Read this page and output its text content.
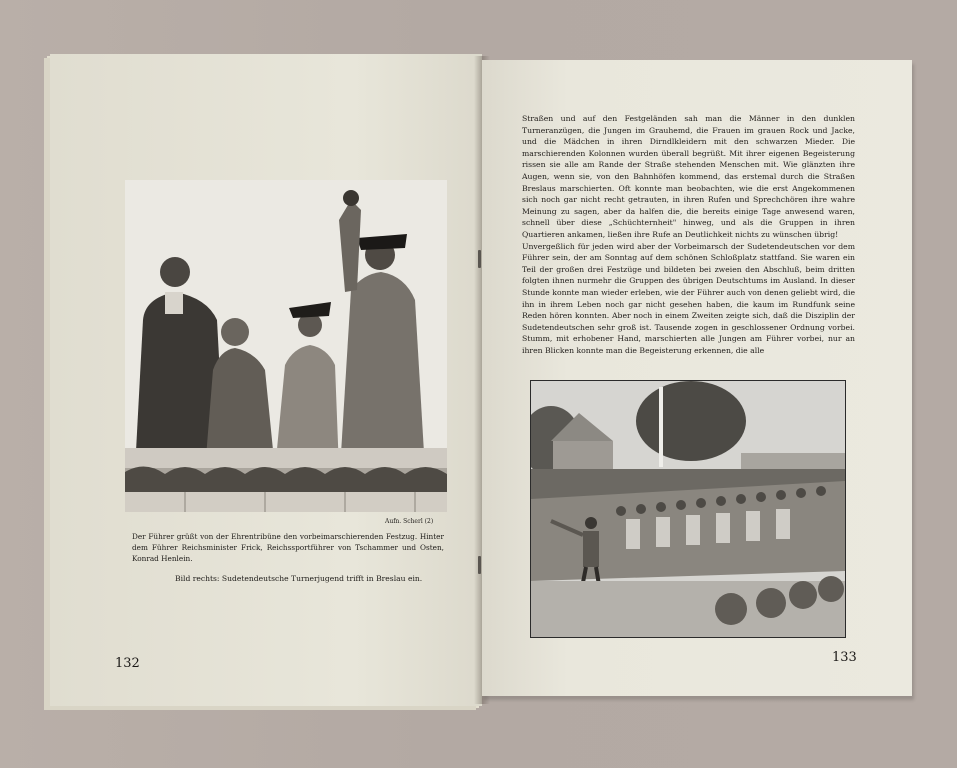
Aufn. Scherl (2)
Der Führer grüßt von der Ehrentribüne den vorbeimarschierenden Festzug. Hinter dem Führer Reichsminister Frick, Reichssportführer von Tschammer und Osten, Konrad Henlein.
Bild rechts: Sudetendeutsche Turnerjugend trifft in Breslau ein.
132

Straßen und auf den Festgeländen sah man die Männer in den dunklen Turneranzügen, die Jungen im Grauhemd, die Frauen im grauen Rock und Jacke, und die Mädchen in ihren Dirndlkleidern mit den schwarzen Mieder. Die marschierenden Kolonnen wurden überall begrüßt. Mit ihrer eigenen Begeisterung rissen sie alle am Rande der Straße stehenden Menschen mit. Wie glänzten ihre Augen, wenn sie, von den Bahnhöfen kommend, das erstemal durch die Straßen Breslaus marschierten. Oft konnte man beobachten, wie die erst Angekommenen sich noch gar nicht recht getrauten, in ihren Rufen und Sprechchören ihre wahre Meinung zu sagen, aber da halfen die, die bereits einige Tage anwesend waren, schnell über diese „Schüchternheit" hinweg, und als die Gruppen in ihren Quartieren ankamen, ließen ihre Rufe an Deutlichkeit nichts zu wünschen übrig!

Unvergeßlich für jeden wird aber der Vorbeimarsch der Sudetendeutschen vor dem Führer sein, der am Sonntag auf dem schönen Schloßplatz stattfand. Sie waren ein Teil der großen drei Festzüge und bildeten bei zweien den Abschluß, beim dritten folgten ihnen nurmehr die Gruppen des übrigen Deutschtums im Ausland. In dieser Stunde konnte man wieder erleben, wie der Führer auch von denen geliebt wird, die ihn in ihrem Leben noch gar nicht gesehen haben, die kaum im Rundfunk seine Reden hören konnten. Aber noch in einem Zweiten zeigte sich, daß die Disziplin der Sudetendeutschen sehr groß ist. Tausende zogen in geschlossener Ordnung vorbei. Stumm, mit erhobener Hand, marschierten alle Jungen am Führer vorbei, nur an ihren Blicken konnte man die Begeisterung erkennen, die alle

133
